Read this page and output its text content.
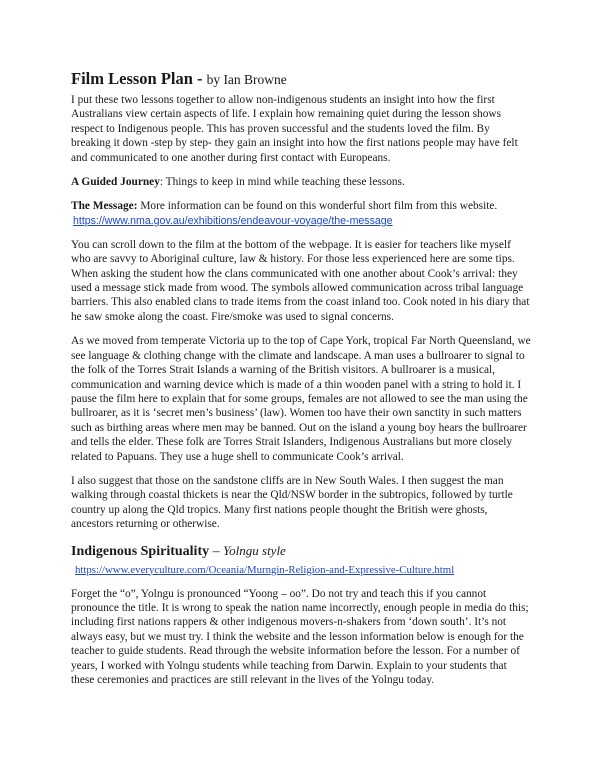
Film Lesson Plan - by Ian Browne

I put these two lessons together to allow non‑indigenous students an insight into how the first Australians view certain aspects of life. I explain how remaining quiet during the lesson shows respect to Indigenous people. This has proven successful and the students loved the film. By breaking it down -step by step- they gain an insight into how the first nations people may have felt and communicated to one another during first contact with Europeans.

A Guided Journey: Things to keep in mind while teaching these lessons.

The Message: More information can be found on this wonderful short film from this website.

https://www.nma.gov.au/exhibitions/endeavour-voyage/the-message

You can scroll down to the film at the bottom of the webpage. It is easier for teachers like myself who are savvy to Aboriginal culture, law & history. For those less experienced here are some tips. When asking the student how the clans communicated with one another about Cook’s arrival: they used a message stick made from wood. The symbols allowed communication across tribal language barriers. This also enabled clans to trade items from the coast inland too. Cook noted in his diary that he saw smoke along the coast. Fire/smoke was used to signal concerns.

As we moved from temperate Victoria up to the top of Cape York, tropical Far North Queensland, we see language & clothing change with the climate and landscape. A man uses a bullroarer to signal to the folk of the Torres Strait Islands a warning of the British visitors. A bullroarer is a musical, communication and warning device which is made of a thin wooden panel with a string to hold it. I pause the film here to explain that for some groups, females are not allowed to see the man using the bullroarer, as it is ‘secret men’s business’ (law). Women too have their own sanctity in such matters such as birthing areas where men may be banned. Out on the island a young boy hears the bullroarer and tells the elder. These folk are Torres Strait Islanders, Indigenous Australians but more closely related to Papuans. They use a huge shell to communicate Cook’s arrival.

I also suggest that those on the sandstone cliffs are in New South Wales. I then suggest the man walking through coastal thickets is near the Qld/NSW border in the subtropics, followed by turtle country up along the Qld tropics. Many first nations people thought the British were ghosts, ancestors returning or otherwise.

Indigenous Spirituality – Yolngu style
https://www.everyculture.com/Oceania/Murngin-Religion-and-Expressive-Culture.html

Forget the “o”, Yolngu is pronounced “Yoong – oo”. Do not try and teach this if you cannot pronounce the title. It is wrong to speak the nation name incorrectly, enough people in media do this; including first nations rappers & other indigenous movers-n-shakers from ‘down south’. It’s not always easy, but we must try. I think the website and the lesson information below is enough for the teacher to guide students. Read through the website information before the lesson. For a number of years, I worked with Yolngu students while teaching from Darwin. Explain to your students that these ceremonies and practices are still relevant in the lives of the Yolngu today.
